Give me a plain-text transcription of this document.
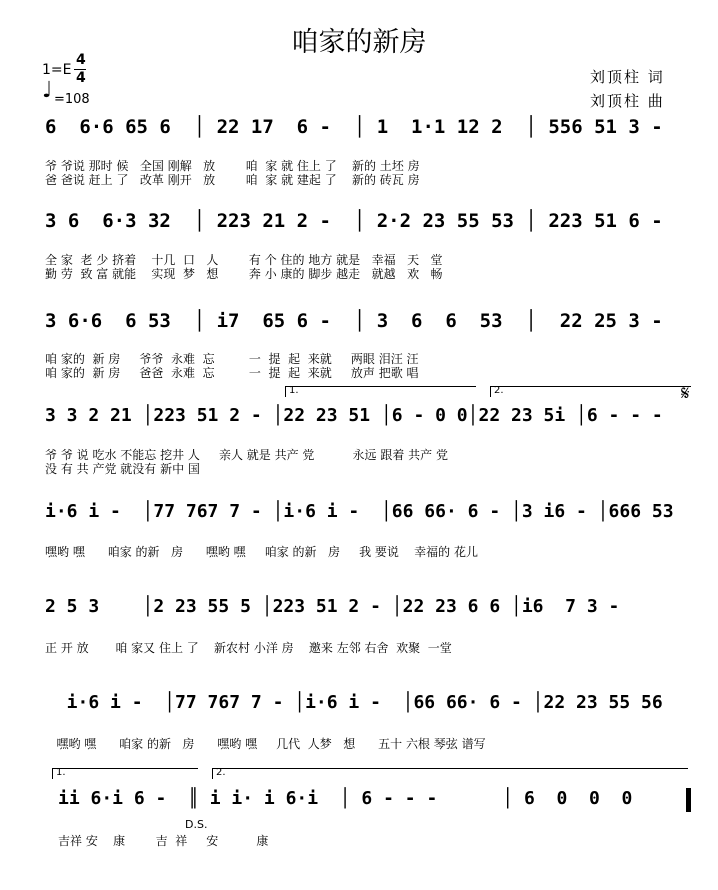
咱家的新房
1=E
4
4
♩ =108
刘顶柱 词
刘顶柱 曲
6  6·6 65 6  │ 22 17  6 -  │ 1  1·1 12 2  │ 556 51 3 -
爷 爷说 那时 候   全国 刚解   放        咱  家 就 住上 了    新的 土坯 房
爸 爸说 赶上 了   改革 刚开   放        咱  家 就 建起 了    新的 砖瓦 房
3 6  6·3 32  │ 223 21 2 -  │ 2·2 23 55 53 │ 223 51 6 -
全 家  老 少 挤着    十几  口   人        有 个 住的 地方 就是   幸福   天   堂
勤 劳  致 富 就能    实现  梦   想        奔 小 康的 脚步 越走   就越   欢   畅
3 6·6  6 53  │ i7  65 6 -  │ 3  6  6  53  │  22 25 3 -
咱 家的  新 房     爷爷  永难  忘         一  提  起  来就     两眼 泪汪 汪
咱 家的  新 房     爸爸  永难  忘         一  提  起  来就     放声 把歌 唱
1.	2.	𝄋
3 3 2 21 │223 51 2 - │22 23 51 │6 - 0 0│22 23 5i │6 - - -
爷 爷 说 吃水 不能忘 挖井 人     亲人 就是 共产 党          永远 跟着 共产 党
没 有 共 产党 就没有 新中 国
i·6 i -  │77 767 7 - │i·6 i -  │66 66· 6 - │3 i6 - │666 53
嘿哟 嘿      咱家 的新   房      嘿哟 嘿     咱家 的新   房     我 要说    幸福的 花儿
2 5 3    │2 23 55 5 │223 51 2 - │22 23 6 6 │i6  7 3 -
正 开 放       咱 家又 住上 了    新农村 小洋 房    邀来 左邻 右舍  欢聚  一堂
i·6 i -  │77 767 7 - │i·6 i -  │66 66· 6 - │22 23 55 56
嘿哟 嘿      咱家 的新   房      嘿哟 嘿     几代  人梦   想      五十 六根 琴弦 谱写
1.	2.
ii 6·i 6 -  ║ i i· i 6·i  │ 6 - - -      │ 6  0  0  0
D.S.
吉祥 安    康        吉  祥     安          康
